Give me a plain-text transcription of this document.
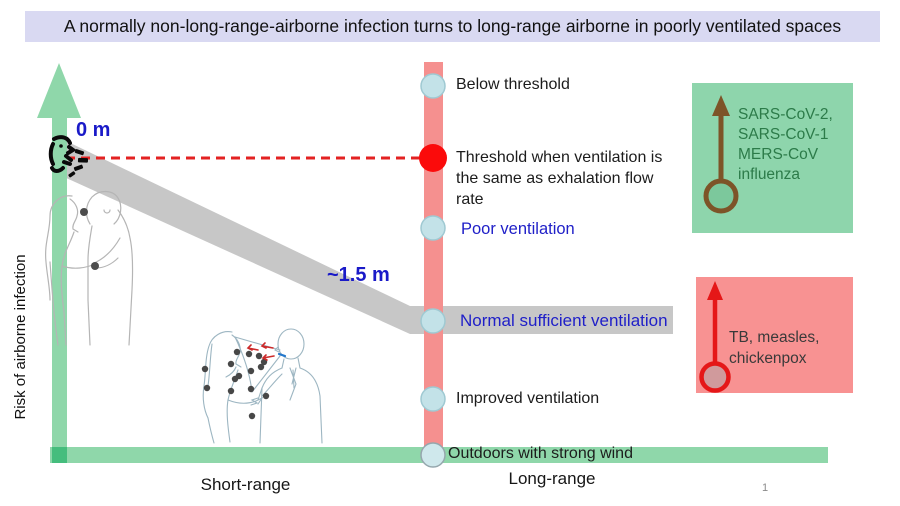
A normally non-long-range-airborne infection turns to long-range airborne in poorly ventilated spaces
Risk of airborne infection
0 m
~1.5 m
Below threshold
Threshold when ventilation is the same as exhalation flow rate
Poor ventilation
Normal sufficient ventilation
Improved ventilation
Outdoors with strong wind
Short-range	Long-range
SARS-CoV-2,
SARS-CoV-1
MERS-CoV
influenza
TB, measles,
chickenpox
1
